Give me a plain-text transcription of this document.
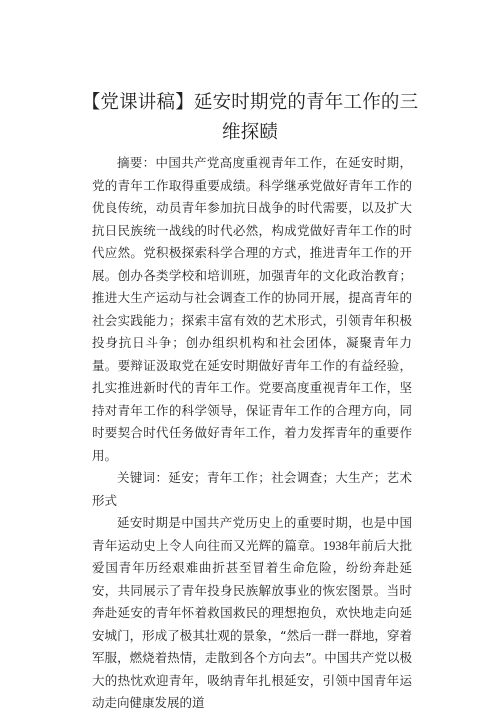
【党课讲稿】延安时期党的青年工作的三维探赜

摘要：中国共产党高度重视青年工作，在延安时期，党的青年工作取得重要成绩。科学继承党做好青年工作的优良传统，动员青年参加抗日战争的时代需要，以及扩大抗日民族统一战线的时代必然，构成党做好青年工作的时代应然。党积极探索科学合理的方式，推进青年工作的开展。创办各类学校和培训班，加强青年的文化政治教育；推进大生产运动与社会调查工作的协同开展，提高青年的社会实践能力；探索丰富有效的艺术形式，引领青年积极投身抗日斗争；创办组织机构和社会团体，凝聚青年力量。要辩证汲取党在延安时期做好青年工作的有益经验，扎实推进新时代的青年工作。党要高度重视青年工作，坚持对青年工作的科学领导，保证青年工作的合理方向，同时要契合时代任务做好青年工作，着力发挥青年的重要作用。

关键词：延安；青年工作；社会调查；大生产；艺术形式

延安时期是中国共产党历史上的重要时期，也是中国青年运动史上令人向往而又光辉的篇章。1938年前后大批爱国青年历经艰难曲折甚至冒着生命危险，纷纷奔赴延安，共同展示了青年投身民族解放事业的恢宏图景。当时奔赴延安的青年怀着救国救民的理想抱负，欢快地走向延安城门，形成了极其壮观的景象，“然后一群一群地，穿着军服，燃烧着热情，走散到各个方向去”。中国共产党以极大的热忱欢迎青年，吸纳青年扎根延安，引领中国青年运动走向健康发展的道
